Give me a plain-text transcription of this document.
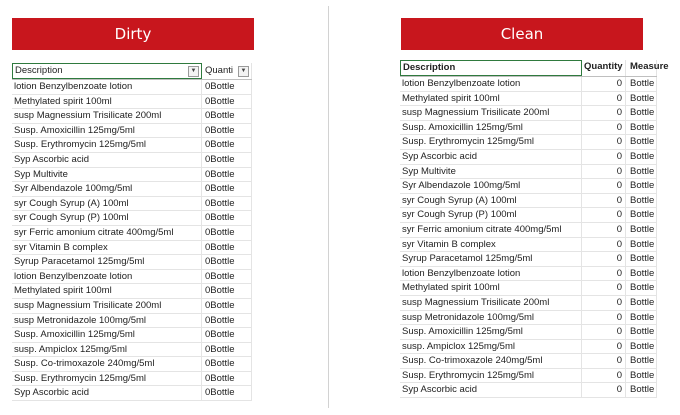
Dirty	Clean
Description	▼ Quanti	▼
lotion Benzylbenzoate lotion	0Bottle
Methylated spirit 100ml	0Bottle
susp Magnessium Trisilicate 200ml	0Bottle
Susp. Amoxicillin 125mg/5ml	0Bottle
Susp. Erythromycin 125mg/5ml	0Bottle
Syp Ascorbic acid	0Bottle
Syp Multivite	0Bottle
Syr Albendazole 100mg/5ml	0Bottle
syr Cough Syrup (A) 100ml	0Bottle
syr Cough Syrup (P) 100ml	0Bottle
syr Ferric amonium citrate 400mg/5ml	0Bottle
syr Vitamin B complex	0Bottle
Syrup Paracetamol 125mg/5ml	0Bottle
lotion Benzylbenzoate lotion	0Bottle
Methylated spirit 100ml	0Bottle
susp Magnessium Trisilicate 200ml	0Bottle
susp Metronidazole 100mg/5ml	0Bottle
Susp. Amoxicillin 125mg/5ml	0Bottle
susp. Ampiclox 125mg/5ml	0Bottle
Susp. Co-trimoxazole 240mg/5ml	0Bottle
Susp. Erythromycin 125mg/5ml	0Bottle
Syp Ascorbic acid	0Bottle
Description	Quantity Measure
lotion Benzylbenzoate lotion	0 Bottle
Methylated spirit 100ml	0 Bottle
susp Magnessium Trisilicate 200ml	0 Bottle
Susp. Amoxicillin 125mg/5ml	0 Bottle
Susp. Erythromycin 125mg/5ml	0 Bottle
Syp Ascorbic acid	0 Bottle
Syp Multivite	0 Bottle
Syr Albendazole 100mg/5ml	0 Bottle
syr Cough Syrup (A) 100ml	0 Bottle
syr Cough Syrup (P) 100ml	0 Bottle
syr Ferric amonium citrate 400mg/5ml	0 Bottle
syr Vitamin B complex	0 Bottle
Syrup Paracetamol 125mg/5ml	0 Bottle
lotion Benzylbenzoate lotion	0 Bottle
Methylated spirit 100ml	0 Bottle
susp Magnessium Trisilicate 200ml	0 Bottle
susp Metronidazole 100mg/5ml	0 Bottle
Susp. Amoxicillin 125mg/5ml	0 Bottle
susp. Ampiclox 125mg/5ml	0 Bottle
Susp. Co-trimoxazole 240mg/5ml	0 Bottle
Susp. Erythromycin 125mg/5ml	0 Bottle
Syp Ascorbic acid	0 Bottle
